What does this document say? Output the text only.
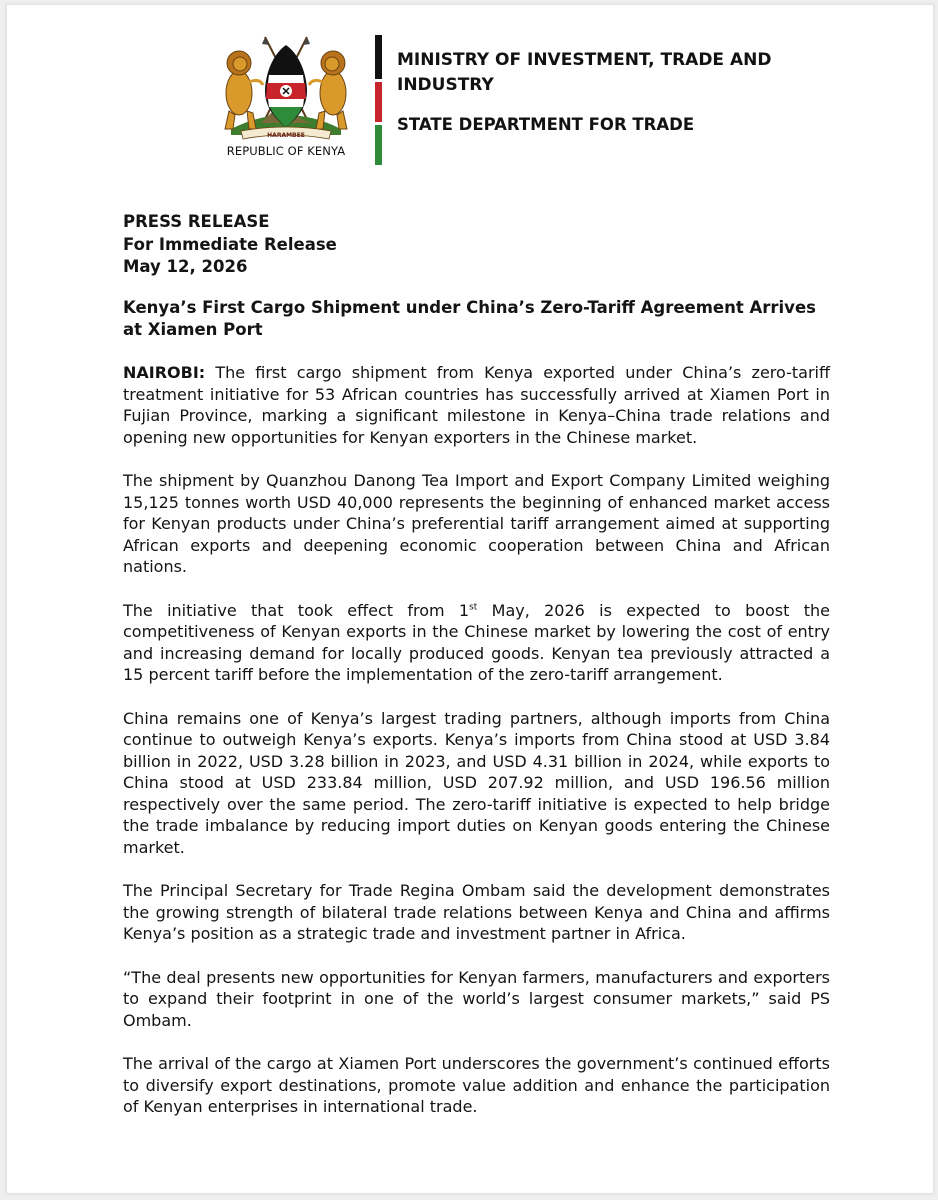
HARAMBEE
REPUBLIC OF KENYA
MINISTRY OF INVESTMENT, TRADE AND INDUSTRY
STATE DEPARTMENT FOR TRADE
PRESS RELEASE
For Immediate Release
May 12, 2026
Kenya’s First Cargo Shipment under China’s Zero-Tariff Agreement Arrives at Xiamen Port

NAIROBI: The first cargo shipment from Kenya exported under China’s zero-tariff treatment initiative for 53 African countries has successfully arrived at Xiamen Port in Fujian Province, marking a significant milestone in Kenya–China trade relations and opening new opportunities for Kenyan exporters in the Chinese market.

The shipment by Quanzhou Danong Tea Import and Export Company Limited weighing 15,125 tonnes worth USD 40,000 represents the beginning of enhanced market access for Kenyan products under China’s preferential tariff arrangement aimed at supporting African exports and deepening economic cooperation between China and African nations.

The initiative that took effect from 1st May, 2026 is expected to boost the competitiveness of Kenyan exports in the Chinese market by lowering the cost of entry and increasing demand for locally produced goods. Kenyan tea previously attracted a 15 percent tariff before the implementation of the zero-tariff arrangement.

China remains one of Kenya’s largest trading partners, although imports from China continue to outweigh Kenya’s exports. Kenya’s imports from China stood at USD 3.84 billion in 2022, USD 3.28 billion in 2023, and USD 4.31 billion in 2024, while exports to China stood at USD 233.84 million, USD 207.92 million, and USD 196.56 million respectively over the same period. The zero-tariff initiative is expected to help bridge the trade imbalance by reducing import duties on Kenyan goods entering the Chinese market.

The Principal Secretary for Trade Regina Ombam said the development demonstrates the growing strength of bilateral trade relations between Kenya and China and affirms Kenya’s position as a strategic trade and investment partner in Africa.

“The deal presents new opportunities for Kenyan farmers, manufacturers and exporters to expand their footprint in one of the world’s largest consumer markets,” said PS Ombam.

The arrival of the cargo at Xiamen Port underscores the government’s continued efforts to diversify export destinations, promote value addition and enhance the participation of Kenyan enterprises in international trade.
